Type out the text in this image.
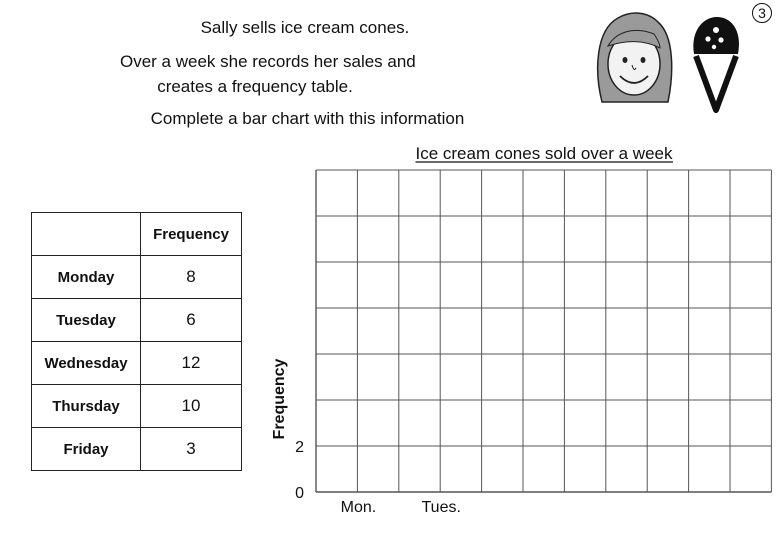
Sally sells ice cream cones.
Over a week she records her sales and
creates a frequency table.
Complete a bar chart with this information
3
	Frequency
Monday	8
Tuesday	6
Wednesday	12
Thursday	10
Friday	3
Ice cream cones sold over a week
Frequency
0
2
Mon.	Tues.
